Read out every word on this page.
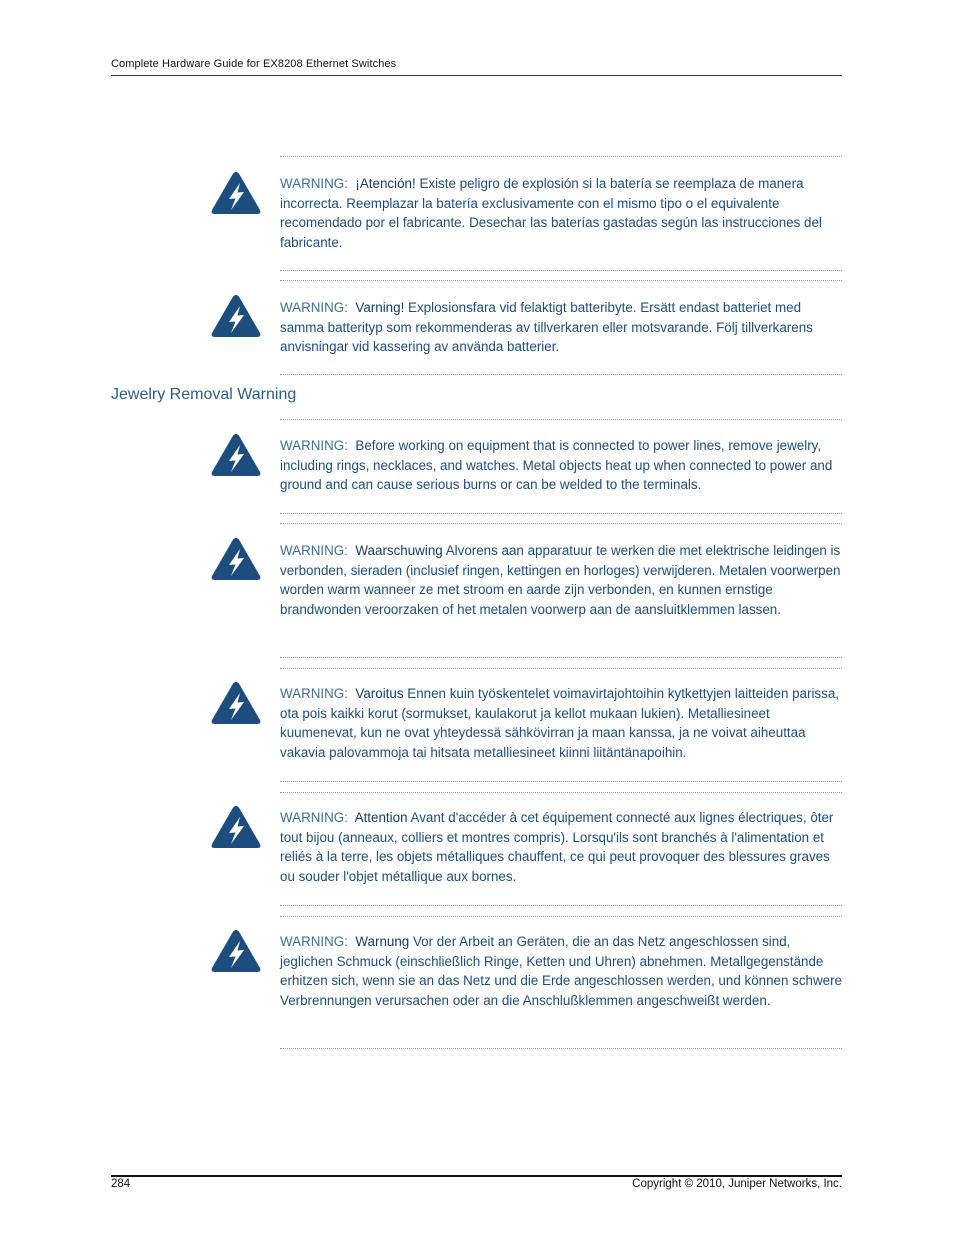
Complete Hardware Guide for EX8208 Ethernet Switches
WARNING: ¡Atención! Existe peligro de explosión si la batería se reemplaza de manera incorrecta. Reemplazar la batería exclusivamente con el mismo tipo o el equivalente recomendado por el fabricante. Desechar las baterías gastadas según las instrucciones del fabricante.
WARNING: Varning! Explosionsfara vid felaktigt batteribyte. Ersätt endast batteriet med samma batterityp som rekommenderas av tillverkaren eller motsvarande. Följ tillverkarens anvisningar vid kassering av använda batterier.
Jewelry Removal Warning
WARNING: Before working on equipment that is connected to power lines, remove jewelry, including rings, necklaces, and watches. Metal objects heat up when connected to power and ground and can cause serious burns or can be welded to the terminals.
WARNING: Waarschuwing Alvorens aan apparatuur te werken die met elektrische leidingen is verbonden, sieraden (inclusief ringen, kettingen en horloges) verwijderen. Metalen voorwerpen worden warm wanneer ze met stroom en aarde zijn verbonden, en kunnen ernstige brandwonden veroorzaken of het metalen voorwerp aan de aansluitklemmen lassen.
WARNING: Varoitus Ennen kuin työskentelet voimavirtajohtoihin kytkettyjen laitteiden parissa, ota pois kaikki korut (sormukset, kaulakorut ja kellot mukaan lukien). Metalliesineet kuumenevat, kun ne ovat yhteydessä sähkövirran ja maan kanssa, ja ne voivat aiheuttaa vakavia palovammoja tai hitsata metalliesineet kiinni liitäntänapoihin.
WARNING: Attention Avant d'accéder à cet équipement connecté aux lignes électriques, ôter tout bijou (anneaux, colliers et montres compris). Lorsqu'ils sont branchés à l'alimentation et reliés à la terre, les objets métalliques chauffent, ce qui peut provoquer des blessures graves ou souder l'objet métallique aux bornes.
WARNING: Warnung Vor der Arbeit an Geräten, die an das Netz angeschlossen sind, jeglichen Schmuck (einschließlich Ringe, Ketten und Uhren) abnehmen. Metallgegenstände erhitzen sich, wenn sie an das Netz und die Erde angeschlossen werden, und können schwere Verbrennungen verursachen oder an die Anschlußklemmen angeschweißt werden.
284	Copyright © 2010, Juniper Networks, Inc.
